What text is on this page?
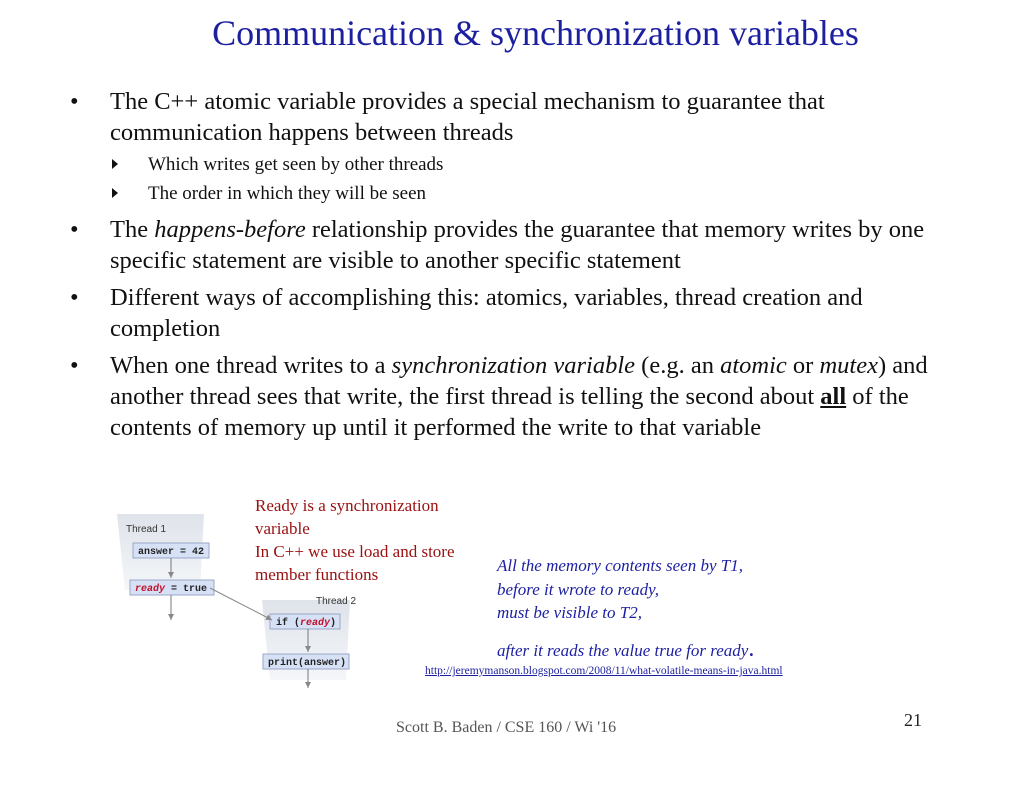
Communication & synchronization variables
• The C++ atomic variable provides a special mechanism to guarantee that communication happens between threads
Which writes get seen by other threads
The order in which they will be seen
• The happens-before relationship provides the guarantee that memory writes by one specific statement are visible to another specific statement
• Different ways of accomplishing this: atomics, variables, thread creation and completion
• When one thread writes to a synchronization variable (e.g. an atomic or mutex) and another thread sees that write, the first thread is telling the second about all of the contents of memory up until it performed the write to that variable
Thread 1
answer = 42
ready = true
Thread 2
if (ready)
print(answer)
Ready is a synchronization variable
In C++ we use load and store member functions	All the memory contents seen by T1,
before it wrote to ready,
must be visible to T2,
after it reads the value true for ready.
http://jeremymanson.blogspot.com/2008/11/what-volatile-means-in-java.html
Scott B. Baden / CSE 160 / Wi '16	21
